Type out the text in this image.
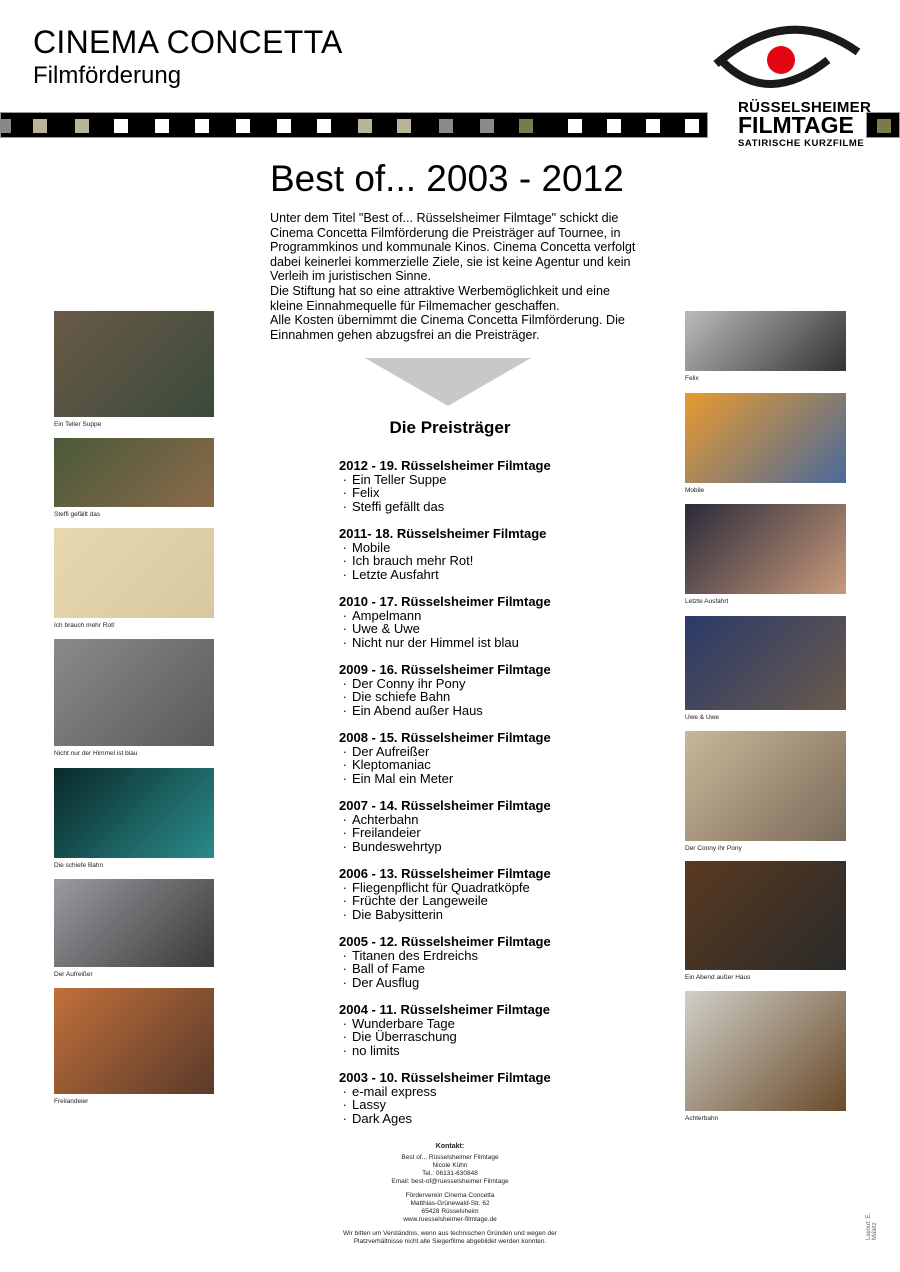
CINEMA CONCETTA
Filmförderung
RÜSSELSHEIMER
FILMTAGE
SATIRISCHE KURZFILME
Best of... 2003 - 2012

Unter dem Titel "Best of... Rüsselsheimer Filmtage" schickt die Cinema Concetta Filmförderung die Preisträger auf Tournee, in Programmkinos und kommunale Kinos. Cinema Concetta verfolgt dabei keinerlei kommerzielle Ziele, sie ist keine Agentur und kein Verleih im juristischen Sinne.

Die Stiftung hat so eine attraktive Werbemöglichkeit und eine kleine Einnahmequelle für Filmemacher geschaffen.

Alle Kosten übernimmt die Cinema Concetta Filmförderung. Die Einnahmen gehen abzugsfrei an die Preisträger.

Die Preisträger
2012 - 19. Rüsselsheimer Filmtage
· Ein Teller Suppe
· Felix
· Steffi gefällt das
2011- 18. Rüsselsheimer Filmtage
· Mobile
· Ich brauch mehr Rot!
· Letzte Ausfahrt
2010 - 17. Rüsselsheimer Filmtage
· Ampelmann
· Uwe & Uwe
· Nicht nur der Himmel ist blau
2009 - 16. Rüsselsheimer Filmtage
· Der Conny ihr Pony
· Die schiefe Bahn
· Ein Abend außer Haus
2008 - 15. Rüsselsheimer Filmtage
· Der Aufreißer
· Kleptomaniac
· Ein Mal ein Meter
2007 - 14. Rüsselsheimer Filmtage
· Achterbahn
· Freilandeier
· Bundeswehrtyp
2006 - 13. Rüsselsheimer Filmtage
· Fliegenpflicht für Quadratköpfe
· Früchte der Langeweile
· Die Babysitterin
2005 - 12. Rüsselsheimer Filmtage
· Titanen des Erdreichs
· Ball of Fame
· Der Ausflug
2004 - 11. Rüsselsheimer Filmtage
· Wunderbare Tage
· Die Überraschung
· no limits
2003 - 10. Rüsselsheimer Filmtage
· e-mail express
· Lassy
· Dark Ages
Ein Teller Suppe
Steffi gefällt das
Ich brauch mehr Rot!
Nicht nur der Himmel ist blau
Die schiefe Bahn
Der Aufreißer
Freilandeier
Felix
Mobile
Letzte Ausfahrt
Uwe & Uwe
Der Conny ihr Pony
Ein Abend außer Haus
Achterbahn
Kontakt:
Best of... Rüsselsheimer Filmtage
Nicole Kühn
Tel.: 06131-630848
Email: best-of@ruesselsheimer Filmtage
Förderverein Cinema Concetta
Matthias-Grünewald-Str. 62
65428 Rüsselsheim
www.ruesselsheimer-filmtage.de
Wir bitten um Verständnis, wenn aus technischen Gründen und wegen der Platzverhältnisse nicht alle Siegerfilme abgebildet werden konnten.
Layout: E. Maletz
